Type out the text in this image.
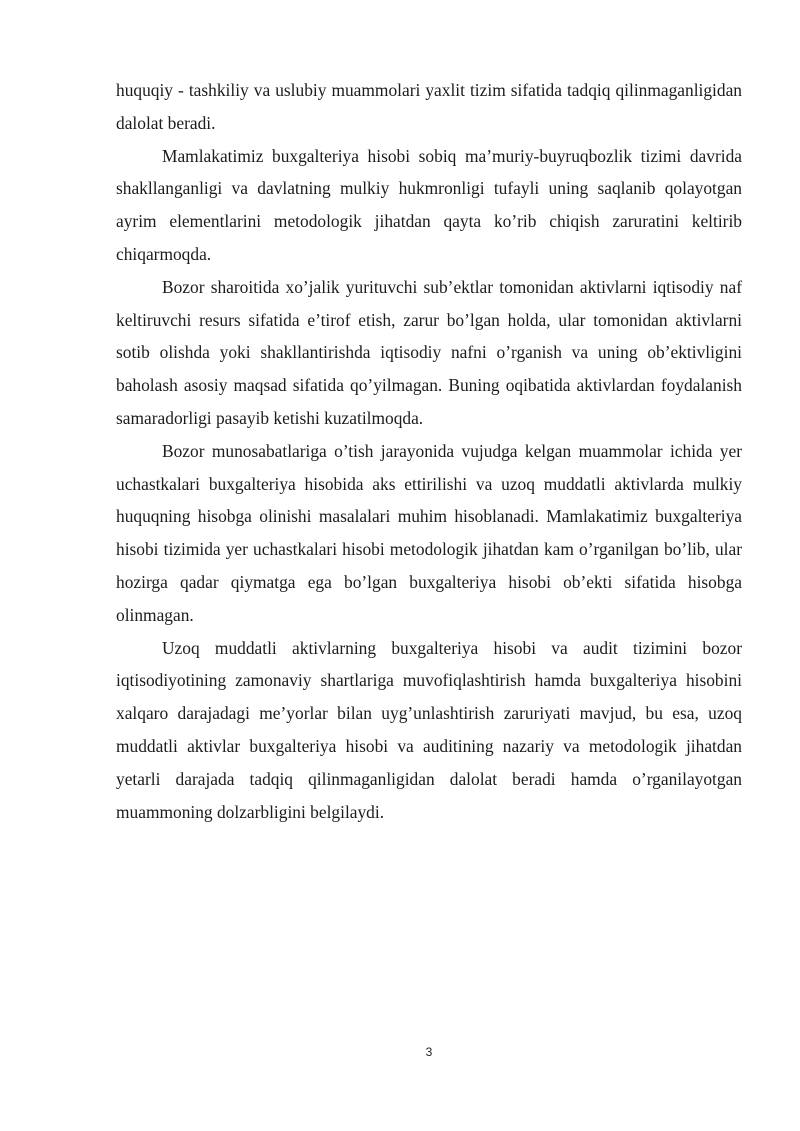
huquqiy - tashkiliy va uslubiy muammolari yaxlit tizim sifatida tadqiq qilinmaganligidan dalolat beradi.

Mamlakatimiz buxgalteriya hisobi sobiq ma’muriy-buyruqbozlik tizimi davrida shakllanganligi va davlatning mulkiy hukmronligi tufayli uning saqlanib qolayotgan ayrim elementlarini metodologik jihatdan qayta ko’rib chiqish zaruratini keltirib chiqarmoqda.

Bozor sharoitida xo’jalik yurituvchi sub’ektlar tomonidan aktivlarni iqtisodiy naf keltiruvchi resurs sifatida e’tirof etish, zarur bo’lgan holda, ular tomonidan aktivlarni sotib olishda yoki shakllantirishda iqtisodiy nafni o’rganish va uning ob’ektivligini baholash asosiy maqsad sifatida qo’yilmagan. Buning oqibatida aktivlardan foydalanish samaradorligi pasayib ketishi kuzatilmoqda.

Bozor munosabatlariga o’tish jarayonida vujudga kelgan muammolar ichida yer uchastkalari buxgalteriya hisobida aks ettirilishi va uzoq muddatli aktivlarda mulkiy huquqning hisobga olinishi masalalari muhim hisoblanadi. Mamlakatimiz buxgalteriya hisobi tizimida yer uchastkalari hisobi metodologik jihatdan kam o’rganilgan bo’lib, ular hozirga qadar qiymatga ega bo’lgan buxgalteriya hisobi ob’ekti sifatida hisobga olinmagan.

Uzoq muddatli aktivlarning buxgalteriya hisobi va audit tizimini bozor iqtisodiyotining zamonaviy shartlariga muvofiqlashtirish hamda buxgalteriya hisobini xalqaro darajadagi me’yorlar bilan uyg’unlashtirish zaruriyati mavjud, bu esa, uzoq muddatli aktivlar buxgalteriya hisobi va auditining nazariy va metodologik jihatdan yetarli darajada tadqiq qilinmaganligidan dalolat beradi hamda o’rganilayotgan muammoning dolzarbligini belgilaydi.

3
